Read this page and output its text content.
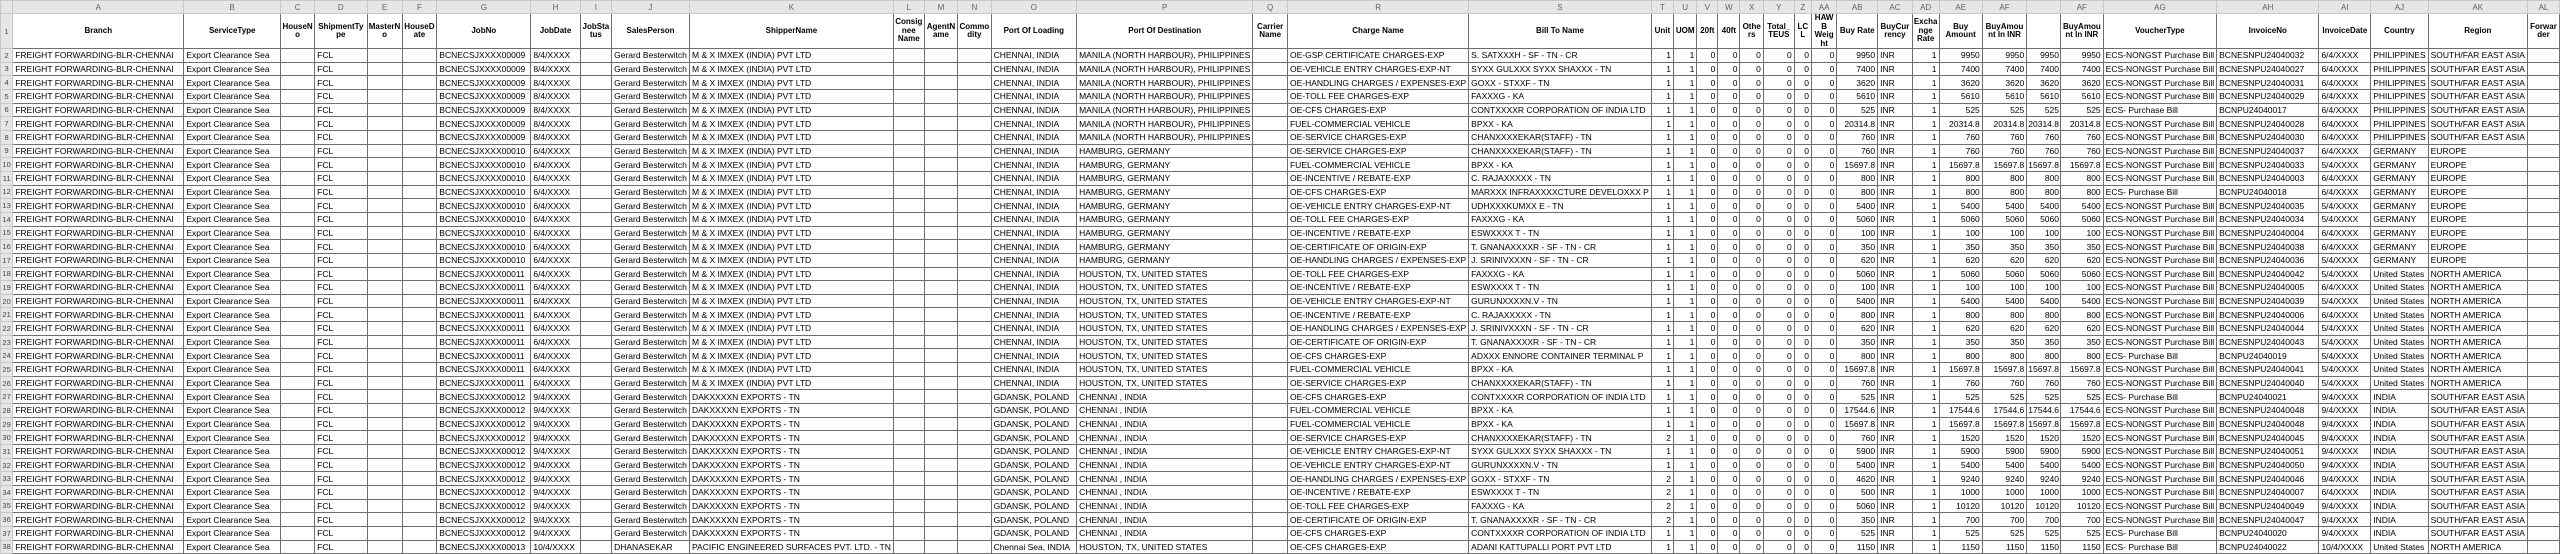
	A	B	C	D	E	F	G	H	I	J	K	L	M	N	O	P	Q	R	S	T	U	V	W	X	Y	Z	AA	AB	AC	AD	AE	AF		AF	AG	AH	AI	AJ	AK	AL
1	Branch	ServiceType	HouseNo	ShipmentType	MasterNo	HouseDate	JobNo	JobDate	JobStatus	SalesPerson	ShipperName	Consignee Name	AgentName	Commodity	Port Of Loading	Port Of Destination	Carrier Name	Charge Name	Bill To Name	Unit	UOM	20ft	40ft	Others	Total_TEUS	LCL	HAWB Weight	Buy Rate	BuyCurrency	Exchange Rate	Buy Amount	BuyAmount In INR		BuyAmount In INR	VoucherType	InvoiceNo	InvoiceDate	Country	Region	Forwarder
2	FREIGHT FORWARDING-BLR-CHENNAI	Export Clearance Sea		FCL			BCNECSJXXXX00009	8/4/XXXX		Gerard Besterwitch	M & X IMXEX (INDIA) PVT LTD				CHENNAI, INDIA	MANILA (NORTH HARBOUR), PHILIPPINES		OE-GSP CERTIFICATE CHARGES-EXP	S. SATXXXH - SF - TN - CR	1	1	0	0	0	0	0	0	9950	INR	1	9950	9950	9950	9950	ECS-NONGST Purchase Bill	BCNESNPU24040032	6/4/XXXX	PHILIPPINES	SOUTH/FAR EAST ASIA	
3	FREIGHT FORWARDING-BLR-CHENNAI	Export Clearance Sea		FCL			BCNECSJXXXX00009	8/4/XXXX		Gerard Besterwitch	M & X IMXEX (INDIA) PVT LTD				CHENNAI, INDIA	MANILA (NORTH HARBOUR), PHILIPPINES		OE-VEHICLE ENTRY CHARGES-EXP-NT	SYXX GULXXX SYXX SHAXXX - TN	1	1	0	0	0	0	0	0	7400	INR	1	7400	7400	7400	7400	ECS-NONGST Purchase Bill	BCNESNPU24040027	6/4/XXXX	PHILIPPINES	SOUTH/FAR EAST ASIA	
4	FREIGHT FORWARDING-BLR-CHENNAI	Export Clearance Sea		FCL			BCNECSJXXXX00009	8/4/XXXX		Gerard Besterwitch	M & X IMXEX (INDIA) PVT LTD				CHENNAI, INDIA	MANILA (NORTH HARBOUR), PHILIPPINES		OE-HANDLING CHARGES / EXPENSES-EXP	GOXX - STXXF - TN	1	1	0	0	0	0	0	0	3620	INR	1	3620	3620	3620	3620	ECS-NONGST Purchase Bill	BCNESNPU24040031	6/4/XXXX	PHILIPPINES	SOUTH/FAR EAST ASIA	
5	FREIGHT FORWARDING-BLR-CHENNAI	Export Clearance Sea		FCL			BCNECSJXXXX00009	8/4/XXXX		Gerard Besterwitch	M & X IMXEX (INDIA) PVT LTD				CHENNAI, INDIA	MANILA (NORTH HARBOUR), PHILIPPINES		OE-TOLL FEE CHARGES-EXP	FAXXXG - KA	1	1	0	0	0	0	0	0	5610	INR	1	5610	5610	5610	5610	ECS-NONGST Purchase Bill	BCNESNPU24040029	6/4/XXXX	PHILIPPINES	SOUTH/FAR EAST ASIA	
6	FREIGHT FORWARDING-BLR-CHENNAI	Export Clearance Sea		FCL			BCNECSJXXXX00009	8/4/XXXX		Gerard Besterwitch	M & X IMXEX (INDIA) PVT LTD				CHENNAI, INDIA	MANILA (NORTH HARBOUR), PHILIPPINES		OE-CFS CHARGES-EXP	CONTXXXXR CORPORATION OF INDIA LTD	1	1	0	0	0	0	0	0	525	INR	1	525	525	525	525	ECS- Purchase Bill	BCNPU24040017	6/4/XXXX	PHILIPPINES	SOUTH/FAR EAST ASIA	
7	FREIGHT FORWARDING-BLR-CHENNAI	Export Clearance Sea		FCL			BCNECSJXXXX00009	8/4/XXXX		Gerard Besterwitch	M & X IMXEX (INDIA) PVT LTD				CHENNAI, INDIA	MANILA (NORTH HARBOUR), PHILIPPINES		FUEL-COMMERCIAL VEHICLE	BPXX - KA	1	1	0	0	0	0	0	0	20314.8	INR	1	20314.8	20314.8	20314.8	20314.8	ECS-NONGST Purchase Bill	BCNESNPU24040028	6/4/XXXX	PHILIPPINES	SOUTH/FAR EAST ASIA	
8	FREIGHT FORWARDING-BLR-CHENNAI	Export Clearance Sea		FCL			BCNECSJXXXX00009	8/4/XXXX		Gerard Besterwitch	M & X IMXEX (INDIA) PVT LTD				CHENNAI, INDIA	MANILA (NORTH HARBOUR), PHILIPPINES		OE-SERVICE CHARGES-EXP	CHANXXXXEKAR(STAFF) - TN	1	1	0	0	0	0	0	0	760	INR	1	760	760	760	760	ECS-NONGST Purchase Bill	BCNESNPU24040030	6/4/XXXX	PHILIPPINES	SOUTH/FAR EAST ASIA	
9	FREIGHT FORWARDING-BLR-CHENNAI	Export Clearance Sea		FCL			BCNECSJXXXX00010	6/4/XXXX		Gerard Besterwitch	M & X IMXEX (INDIA) PVT LTD				CHENNAI, INDIA	HAMBURG, GERMANY		OE-SERVICE CHARGES-EXP	CHANXXXXEKAR(STAFF) - TN	1	1	0	0	0	0	0	0	760	INR	1	760	760	760	760	ECS-NONGST Purchase Bill	BCNESNPU24040037	6/4/XXXX	GERMANY	EUROPE	
10	FREIGHT FORWARDING-BLR-CHENNAI	Export Clearance Sea		FCL			BCNECSJXXXX00010	6/4/XXXX		Gerard Besterwitch	M & X IMXEX (INDIA) PVT LTD				CHENNAI, INDIA	HAMBURG, GERMANY		FUEL-COMMERCIAL VEHICLE	BPXX - KA	1	1	0	0	0	0	0	0	15697.8	INR	1	15697.8	15697.8	15697.8	15697.8	ECS-NONGST Purchase Bill	BCNESNPU24040033	5/4/XXXX	GERMANY	EUROPE	
11	FREIGHT FORWARDING-BLR-CHENNAI	Export Clearance Sea		FCL			BCNECSJXXXX00010	6/4/XXXX		Gerard Besterwitch	M & X IMXEX (INDIA) PVT LTD				CHENNAI, INDIA	HAMBURG, GERMANY		OE-INCENTIVE / REBATE-EXP	C. RAJAXXXXX - TN	1	1	0	0	0	0	0	0	800	INR	1	800	800	800	800	ECS-NONGST Purchase Bill	BCNESNPU24040003	6/4/XXXX	GERMANY	EUROPE	
12	FREIGHT FORWARDING-BLR-CHENNAI	Export Clearance Sea		FCL			BCNECSJXXXX00010	6/4/XXXX		Gerard Besterwitch	M & X IMXEX (INDIA) PVT LTD				CHENNAI, INDIA	HAMBURG, GERMANY		OE-CFS CHARGES-EXP	MARXXX INFRAXXXXCTURE DEVELOXXX P	1	1	0	0	0	0	0	0	800	INR	1	800	800	800	800	ECS- Purchase Bill	BCNPU24040018	6/4/XXXX	GERMANY	EUROPE	
13	FREIGHT FORWARDING-BLR-CHENNAI	Export Clearance Sea		FCL			BCNECSJXXXX00010	6/4/XXXX		Gerard Besterwitch	M & X IMXEX (INDIA) PVT LTD				CHENNAI, INDIA	HAMBURG, GERMANY		OE-VEHICLE ENTRY CHARGES-EXP-NT	UDHXXXKUMXX E - TN	1	1	0	0	0	0	0	0	5400	INR	1	5400	5400	5400	5400	ECS-NONGST Purchase Bill	BCNESNPU24040035	5/4/XXXX	GERMANY	EUROPE	
14	FREIGHT FORWARDING-BLR-CHENNAI	Export Clearance Sea		FCL			BCNECSJXXXX00010	6/4/XXXX		Gerard Besterwitch	M & X IMXEX (INDIA) PVT LTD				CHENNAI, INDIA	HAMBURG, GERMANY		OE-TOLL FEE CHARGES-EXP	FAXXXG - KA	1	1	0	0	0	0	0	0	5060	INR	1	5060	5060	5060	5060	ECS-NONGST Purchase Bill	BCNESNPU24040034	5/4/XXXX	GERMANY	EUROPE	
15	FREIGHT FORWARDING-BLR-CHENNAI	Export Clearance Sea		FCL			BCNECSJXXXX00010	6/4/XXXX		Gerard Besterwitch	M & X IMXEX (INDIA) PVT LTD				CHENNAI, INDIA	HAMBURG, GERMANY		OE-INCENTIVE / REBATE-EXP	ESWXXXX T - TN	1	1	0	0	0	0	0	0	100	INR	1	100	100	100	100	ECS-NONGST Purchase Bill	BCNESNPU24040004	6/4/XXXX	GERMANY	EUROPE	
16	FREIGHT FORWARDING-BLR-CHENNAI	Export Clearance Sea		FCL			BCNECSJXXXX00010	6/4/XXXX		Gerard Besterwitch	M & X IMXEX (INDIA) PVT LTD				CHENNAI, INDIA	HAMBURG, GERMANY		OE-CERTIFICATE OF ORIGIN-EXP	T. GNANAXXXXR - SF - TN - CR	1	1	0	0	0	0	0	0	350	INR	1	350	350	350	350	ECS-NONGST Purchase Bill	BCNESNPU24040038	6/4/XXXX	GERMANY	EUROPE	
17	FREIGHT FORWARDING-BLR-CHENNAI	Export Clearance Sea		FCL			BCNECSJXXXX00010	6/4/XXXX		Gerard Besterwitch	M & X IMXEX (INDIA) PVT LTD				CHENNAI, INDIA	HAMBURG, GERMANY		OE-HANDLING CHARGES / EXPENSES-EXP	J. SRINIVXXXN - SF - TN - CR	1	1	0	0	0	0	0	0	620	INR	1	620	620	620	620	ECS-NONGST Purchase Bill	BCNESNPU24040036	5/4/XXXX	GERMANY	EUROPE	
18	FREIGHT FORWARDING-BLR-CHENNAI	Export Clearance Sea		FCL			BCNECSJXXXX00011	6/4/XXXX		Gerard Besterwitch	M & X IMXEX (INDIA) PVT LTD				CHENNAI, INDIA	HOUSTON, TX, UNITED STATES		OE-TOLL FEE CHARGES-EXP	FAXXXG - KA	1	1	0	0	0	0	0	0	5060	INR	1	5060	5060	5060	5060	ECS-NONGST Purchase Bill	BCNESNPU24040042	5/4/XXXX	United States	NORTH AMERICA	
19	FREIGHT FORWARDING-BLR-CHENNAI	Export Clearance Sea		FCL			BCNECSJXXXX00011	6/4/XXXX		Gerard Besterwitch	M & X IMXEX (INDIA) PVT LTD				CHENNAI, INDIA	HOUSTON, TX, UNITED STATES		OE-INCENTIVE / REBATE-EXP	ESWXXXX T - TN	1	1	0	0	0	0	0	0	100	INR	1	100	100	100	100	ECS-NONGST Purchase Bill	BCNESNPU24040005	6/4/XXXX	United States	NORTH AMERICA	
20	FREIGHT FORWARDING-BLR-CHENNAI	Export Clearance Sea		FCL			BCNECSJXXXX00011	6/4/XXXX		Gerard Besterwitch	M & X IMXEX (INDIA) PVT LTD				CHENNAI, INDIA	HOUSTON, TX, UNITED STATES		OE-VEHICLE ENTRY CHARGES-EXP-NT	GURUNXXXXN.V - TN	1	1	0	0	0	0	0	0	5400	INR	1	5400	5400	5400	5400	ECS-NONGST Purchase Bill	BCNESNPU24040039	5/4/XXXX	United States	NORTH AMERICA	
21	FREIGHT FORWARDING-BLR-CHENNAI	Export Clearance Sea		FCL			BCNECSJXXXX00011	6/4/XXXX		Gerard Besterwitch	M & X IMXEX (INDIA) PVT LTD				CHENNAI, INDIA	HOUSTON, TX, UNITED STATES		OE-INCENTIVE / REBATE-EXP	C. RAJAXXXXX - TN	1	1	0	0	0	0	0	0	800	INR	1	800	800	800	800	ECS-NONGST Purchase Bill	BCNESNPU24040006	6/4/XXXX	United States	NORTH AMERICA	
22	FREIGHT FORWARDING-BLR-CHENNAI	Export Clearance Sea		FCL			BCNECSJXXXX00011	6/4/XXXX		Gerard Besterwitch	M & X IMXEX (INDIA) PVT LTD				CHENNAI, INDIA	HOUSTON, TX, UNITED STATES		OE-HANDLING CHARGES / EXPENSES-EXP	J. SRINIVXXXN - SF - TN - CR	1	1	0	0	0	0	0	0	620	INR	1	620	620	620	620	ECS-NONGST Purchase Bill	BCNESNPU24040044	5/4/XXXX	United States	NORTH AMERICA	
23	FREIGHT FORWARDING-BLR-CHENNAI	Export Clearance Sea		FCL			BCNECSJXXXX00011	6/4/XXXX		Gerard Besterwitch	M & X IMXEX (INDIA) PVT LTD				CHENNAI, INDIA	HOUSTON, TX, UNITED STATES		OE-CERTIFICATE OF ORIGIN-EXP	T. GNANAXXXXR - SF - TN - CR	1	1	0	0	0	0	0	0	350	INR	1	350	350	350	350	ECS-NONGST Purchase Bill	BCNESNPU24040043	5/4/XXXX	United States	NORTH AMERICA	
24	FREIGHT FORWARDING-BLR-CHENNAI	Export Clearance Sea		FCL			BCNECSJXXXX00011	6/4/XXXX		Gerard Besterwitch	M & X IMXEX (INDIA) PVT LTD				CHENNAI, INDIA	HOUSTON, TX, UNITED STATES		OE-CFS CHARGES-EXP	ADXXX ENNORE CONTAINER TERMINAL P	1	1	0	0	0	0	0	0	800	INR	1	800	800	800	800	ECS- Purchase Bill	BCNPU24040019	5/4/XXXX	United States	NORTH AMERICA	
25	FREIGHT FORWARDING-BLR-CHENNAI	Export Clearance Sea		FCL			BCNECSJXXXX00011	6/4/XXXX		Gerard Besterwitch	M & X IMXEX (INDIA) PVT LTD				CHENNAI, INDIA	HOUSTON, TX, UNITED STATES		FUEL-COMMERCIAL VEHICLE	BPXX - KA	1	1	0	0	0	0	0	0	15697.8	INR	1	15697.8	15697.8	15697.8	15697.8	ECS-NONGST Purchase Bill	BCNESNPU24040041	5/4/XXXX	United States	NORTH AMERICA	
26	FREIGHT FORWARDING-BLR-CHENNAI	Export Clearance Sea		FCL			BCNECSJXXXX00011	6/4/XXXX		Gerard Besterwitch	M & X IMXEX (INDIA) PVT LTD				CHENNAI, INDIA	HOUSTON, TX, UNITED STATES		OE-SERVICE CHARGES-EXP	CHANXXXXEKAR(STAFF) - TN	1	1	0	0	0	0	0	0	760	INR	1	760	760	760	760	ECS-NONGST Purchase Bill	BCNESNPU24040040	5/4/XXXX	United States	NORTH AMERICA	
27	FREIGHT FORWARDING-BLR-CHENNAI	Export Clearance Sea		FCL			BCNECSJXXXX00012	9/4/XXXX		Gerard Besterwitch	DAKXXXXN EXPORTS - TN				GDANSK, POLAND	CHENNAI , INDIA		OE-CFS CHARGES-EXP	CONTXXXXR CORPORATION OF INDIA LTD	1	1	0	0	0	0	0	0	525	INR	1	525	525	525	525	ECS- Purchase Bill	BCNPU24040021	9/4/XXXX	INDIA	SOUTH/FAR EAST ASIA	
28	FREIGHT FORWARDING-BLR-CHENNAI	Export Clearance Sea		FCL			BCNECSJXXXX00012	9/4/XXXX		Gerard Besterwitch	DAKXXXXN EXPORTS - TN				GDANSK, POLAND	CHENNAI , INDIA		FUEL-COMMERCIAL VEHICLE	BPXX - KA	1	1	0	0	0	0	0	0	17544.6	INR	1	17544.6	17544.6	17544.6	17544.6	ECS-NONGST Purchase Bill	BCNESNPU24040048	9/4/XXXX	INDIA	SOUTH/FAR EAST ASIA	
29	FREIGHT FORWARDING-BLR-CHENNAI	Export Clearance Sea		FCL			BCNECSJXXXX00012	9/4/XXXX		Gerard Besterwitch	DAKXXXXN EXPORTS - TN				GDANSK, POLAND	CHENNAI , INDIA		FUEL-COMMERCIAL VEHICLE	BPXX - KA	1	1	0	0	0	0	0	0	15697.8	INR	1	15697.8	15697.8	15697.8	15697.8	ECS-NONGST Purchase Bill	BCNESNPU24040048	9/4/XXXX	INDIA	SOUTH/FAR EAST ASIA	
30	FREIGHT FORWARDING-BLR-CHENNAI	Export Clearance Sea		FCL			BCNECSJXXXX00012	9/4/XXXX		Gerard Besterwitch	DAKXXXXN EXPORTS - TN				GDANSK, POLAND	CHENNAI , INDIA		OE-SERVICE CHARGES-EXP	CHANXXXXEKAR(STAFF) - TN	2	1	0	0	0	0	0	0	760	INR	1	1520	1520	1520	1520	ECS-NONGST Purchase Bill	BCNESNPU24040045	9/4/XXXX	INDIA	SOUTH/FAR EAST ASIA	
31	FREIGHT FORWARDING-BLR-CHENNAI	Export Clearance Sea		FCL			BCNECSJXXXX00012	9/4/XXXX		Gerard Besterwitch	DAKXXXXN EXPORTS - TN				GDANSK, POLAND	CHENNAI , INDIA		OE-VEHICLE ENTRY CHARGES-EXP-NT	SYXX GULXXX SYXX SHAXXX - TN	1	1	0	0	0	0	0	0	5900	INR	1	5900	5900	5900	5900	ECS-NONGST Purchase Bill	BCNESNPU24040051	9/4/XXXX	INDIA	SOUTH/FAR EAST ASIA	
32	FREIGHT FORWARDING-BLR-CHENNAI	Export Clearance Sea		FCL			BCNECSJXXXX00012	9/4/XXXX		Gerard Besterwitch	DAKXXXXN EXPORTS - TN				GDANSK, POLAND	CHENNAI , INDIA		OE-VEHICLE ENTRY CHARGES-EXP-NT	GURUNXXXXN.V - TN	1	1	0	0	0	0	0	0	5400	INR	1	5400	5400	5400	5400	ECS-NONGST Purchase Bill	BCNESNPU24040050	9/4/XXXX	INDIA	SOUTH/FAR EAST ASIA	
33	FREIGHT FORWARDING-BLR-CHENNAI	Export Clearance Sea		FCL			BCNECSJXXXX00012	9/4/XXXX		Gerard Besterwitch	DAKXXXXN EXPORTS - TN				GDANSK, POLAND	CHENNAI , INDIA		OE-HANDLING CHARGES / EXPENSES-EXP	GOXX - STXXF - TN	2	1	0	0	0	0	0	0	4620	INR	1	9240	9240	9240	9240	ECS-NONGST Purchase Bill	BCNESNPU24040046	9/4/XXXX	INDIA	SOUTH/FAR EAST ASIA	
34	FREIGHT FORWARDING-BLR-CHENNAI	Export Clearance Sea		FCL			BCNECSJXXXX00012	9/4/XXXX		Gerard Besterwitch	DAKXXXXN EXPORTS - TN				GDANSK, POLAND	CHENNAI , INDIA		OE-INCENTIVE / REBATE-EXP	ESWXXXX T - TN	2	1	0	0	0	0	0	0	500	INR	1	1000	1000	1000	1000	ECS-NONGST Purchase Bill	BCNESNPU24040007	6/4/XXXX	INDIA	SOUTH/FAR EAST ASIA	
35	FREIGHT FORWARDING-BLR-CHENNAI	Export Clearance Sea		FCL			BCNECSJXXXX00012	9/4/XXXX		Gerard Besterwitch	DAKXXXXN EXPORTS - TN				GDANSK, POLAND	CHENNAI , INDIA		OE-TOLL FEE CHARGES-EXP	FAXXXG - KA	2	1	0	0	0	0	0	0	5060	INR	1	10120	10120	10120	10120	ECS-NONGST Purchase Bill	BCNESNPU24040049	9/4/XXXX	INDIA	SOUTH/FAR EAST ASIA	
36	FREIGHT FORWARDING-BLR-CHENNAI	Export Clearance Sea		FCL			BCNECSJXXXX00012	9/4/XXXX		Gerard Besterwitch	DAKXXXXN EXPORTS - TN				GDANSK, POLAND	CHENNAI , INDIA		OE-CERTIFICATE OF ORIGIN-EXP	T. GNANAXXXXR - SF - TN - CR	2	1	0	0	0	0	0	0	350	INR	1	700	700	700	700	ECS-NONGST Purchase Bill	BCNESNPU24040047	9/4/XXXX	INDIA	SOUTH/FAR EAST ASIA	
37	FREIGHT FORWARDING-BLR-CHENNAI	Export Clearance Sea		FCL			BCNECSJXXXX00012	9/4/XXXX		Gerard Besterwitch	DAKXXXXN EXPORTS - TN				GDANSK, POLAND	CHENNAI , INDIA		OE-CFS CHARGES-EXP	CONTXXXXR CORPORATION OF INDIA LTD	1	1	0	0	0	0	0	0	525	INR	1	525	525	525	525	ECS- Purchase Bill	BCNPU24040020	9/4/XXXX	INDIA	SOUTH/FAR EAST ASIA	
38	FREIGHT FORWARDING-BLR-CHENNAI	Export Clearance Sea		FCL			BCNECSJXXXX00013	10/4/XXXX		DHANASEKAR	PACIFIC ENGINEERED SURFACES PVT. LTD. - TN				Chennai Sea, INDIA	HOUSTON, TX, UNITED STATES		OE-CFS CHARGES-EXP	ADANI KATTUPALLI PORT PVT LTD	1	1	0	0	0	0	0	0	1150	INR	1	1150	1150	1150	1150	ECS- Purchase Bill	BCNPU24040022	10/4/XXXX	United States	NORTH AMERICA	
